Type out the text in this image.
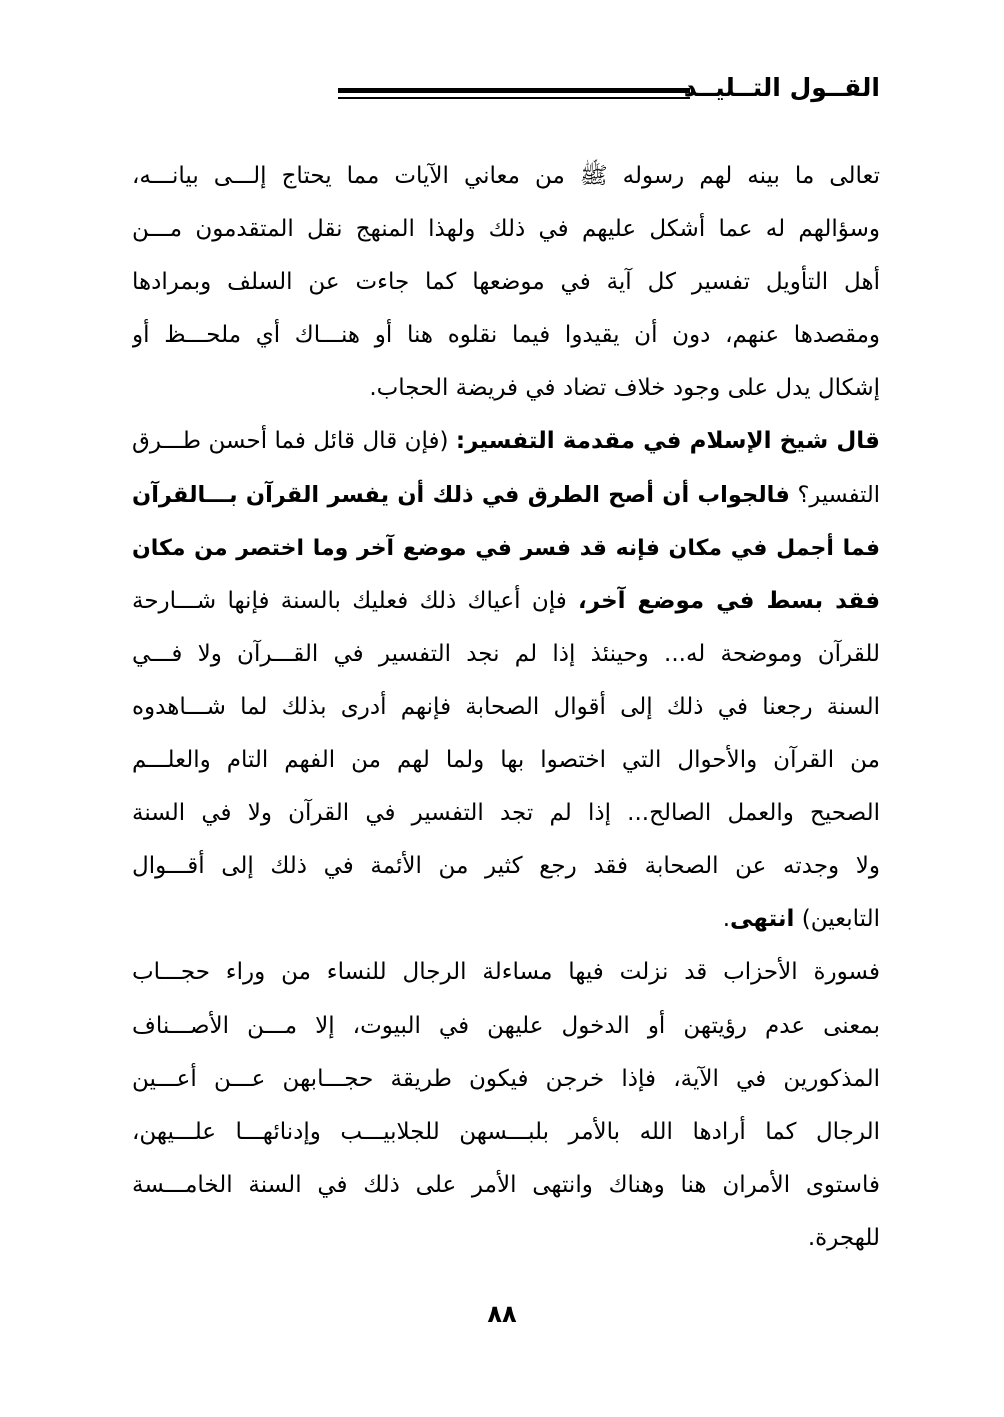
القــول التــليــد
تعالى ما بينه لهم رسوله ﷺ من معاني الآيات مما يحتاج إلـــى بيانـــه،
وسؤالهم له عما أشكل عليهم في ذلك ولهذا المنهج نقل المتقدمون مـــن
أهل التأويل تفسير كل آية في موضعها كما جاءت عن السلف وبمرادها
ومقصدها عنهم، دون أن يقيدوا فيما نقلوه هنا أو هنـــاك أي ملحـــظ أو
إشكال يدل على وجود خلاف تضاد في فريضة الحجاب.
قال شيخ الإسلام في مقدمة التفسير: (فإن قال قائل فما أحسن طـــرق
التفسير؟ فالجواب أن أصح الطرق في ذلك أن يفسر القرآن بـــالقرآن
فما أجمل في مكان فإنه قد فسر في موضع آخر وما اختصر من مكان
فقد بسط في موضع آخر، فإن أعياك ذلك فعليك بالسنة فإنها شـــارحة
للقرآن وموضحة له... وحينئذ إذا لم نجد التفسير في القـــرآن ولا فـــي
السنة رجعنا في ذلك إلى أقوال الصحابة فإنهم أدرى بذلك لما شـــاهدوه
من القرآن والأحوال التي اختصوا بها ولما لهم من الفهم التام والعلـــم
الصحيح والعمل الصالح... إذا لم تجد التفسير في القرآن ولا في السنة
ولا وجدته عن الصحابة فقد رجع كثير من الأئمة في ذلك إلى أقـــوال
التابعين) انتهى.
فسورة الأحزاب قد نزلت فيها مساءلة الرجال للنساء من وراء حجـــاب
بمعنى عدم رؤيتهن أو الدخول عليهن في البيوت، إلا مـــن الأصـــناف
المذكورين في الآية، فإذا خرجن فيكون طريقة حجـــابهن عـــن أعـــين
الرجال كما أرادها الله بالأمر بلبـــسهن للجلابيـــب وإدنائهـــا علـــيهن،
فاستوى الأمران هنا وهناك وانتهى الأمر على ذلك في السنة الخامـــسة
للهجرة.
٨٨
